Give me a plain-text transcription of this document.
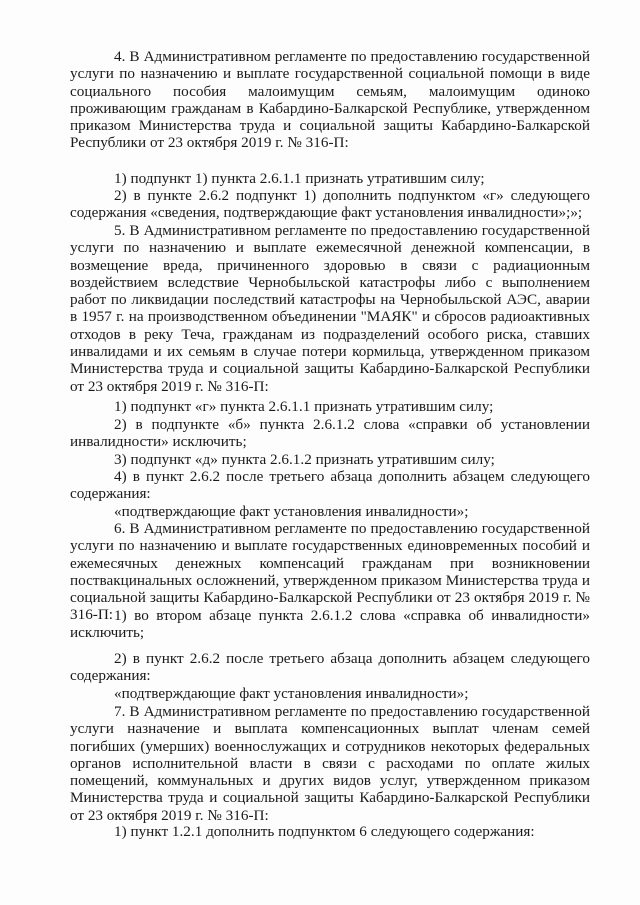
4. В Административном регламенте по предоставлению государственной услуги по назначению и выплате государственной социальной помощи в виде социального пособия малоимущим семьям, малоимущим одиноко проживающим гражданам в Кабардино-Балкарской Республике, утвержденном приказом Министерства труда и социальной защиты Кабардино-Балкарской Республики от 23 октября 2019 г. № 316-П:

1) подпункт 1) пункта 2.6.1.1 признать утратившим силу;

2) в пункте 2.6.2 подпункт 1) дополнить подпунктом «г» следующего содержания «сведения, подтверждающие факт установления инвалидности»;»;

5. В Административном регламенте по предоставлению государственной услуги по назначению и выплате ежемесячной денежной компенсации, в возмещение вреда, причиненного здоровью в связи с радиационным воздействием вследствие Чернобыльской катастрофы либо с выполнением работ по ликвидации последствий катастрофы на Чернобыльской АЭС, аварии в 1957 г. на производственном объединении "МАЯК" и сбросов радиоактивных отходов в реку Теча, гражданам из подразделений особого риска, ставших инвалидами и их семьям в случае потери кормильца, утвержденном приказом Министерства труда и социальной защиты Кабардино-Балкарской Республики от 23 октября 2019 г. № 316-П:

1) подпункт «г» пункта 2.6.1.1 признать утратившим силу;

2) в подпункте «б» пункта 2.6.1.2 слова «справки об установлении инвалидности» исключить;

3) подпункт «д» пункта 2.6.1.2 признать утратившим силу;

4) в пункт 2.6.2 после третьего абзаца дополнить абзацем следующего содержания:

«подтверждающие факт установления инвалидности»;

6. В Административном регламенте по предоставлению государственной услуги по назначению и выплате государственных единовременных пособий и ежемесячных денежных компенсаций гражданам при возникновении поствакцинальных осложнений, утвержденном приказом Министерства труда и социальной защиты Кабардино-Балкарской Республики от 23 октября 2019 г. № 316-П: 1) во втором абзаце пункта 2.6.1.2 слова «справка об инвалидности» исключить;

2) в пункт 2.6.2 после третьего абзаца дополнить абзацем следующего содержания:

«подтверждающие факт установления инвалидности»;

7. В Административном регламенте по предоставлению государственной услуги назначение и выплата компенсационных выплат членам семей погибших (умерших) военнослужащих и сотрудников некоторых федеральных органов исполнительной власти в связи с расходами по оплате жилых помещений, коммунальных и других видов услуг, утвержденном приказом Министерства труда и социальной защиты Кабардино-Балкарской Республики от 23 октября 2019 г. № 316-П:

1) пункт 1.2.1 дополнить подпунктом 6 следующего содержания:
